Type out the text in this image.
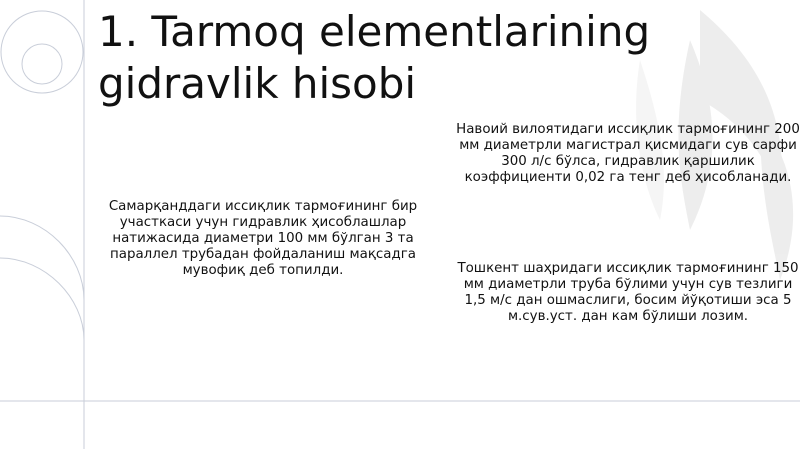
1. Tarmoq elementlarining gidravlik hisobi

Самарқанддаги иссиқлик тармоғининг бир участкаси учун гидравлик ҳисоблашлар натижасида диаметри 100 мм бўлган 3 та параллел трубадан фойдаланиш мақсадга мувофиқ деб топилди.

Навоий вилоятидаги иссиқлик тармоғининг 200 мм диаметрли магистрал қисмидаги сув сарфи 300 л/с бўлса, гидравлик қаршилик коэффициенти 0,02 га тенг деб ҳисобланади.

Тошкент шаҳридаги иссиқлик тармоғининг 150 мм диаметрли труба бўлими учун сув тезлиги 1,5 м/с дан ошмаслиги, босим йўқотиши эса 5 м.сув.уст. дан кам бўлиши лозим.
